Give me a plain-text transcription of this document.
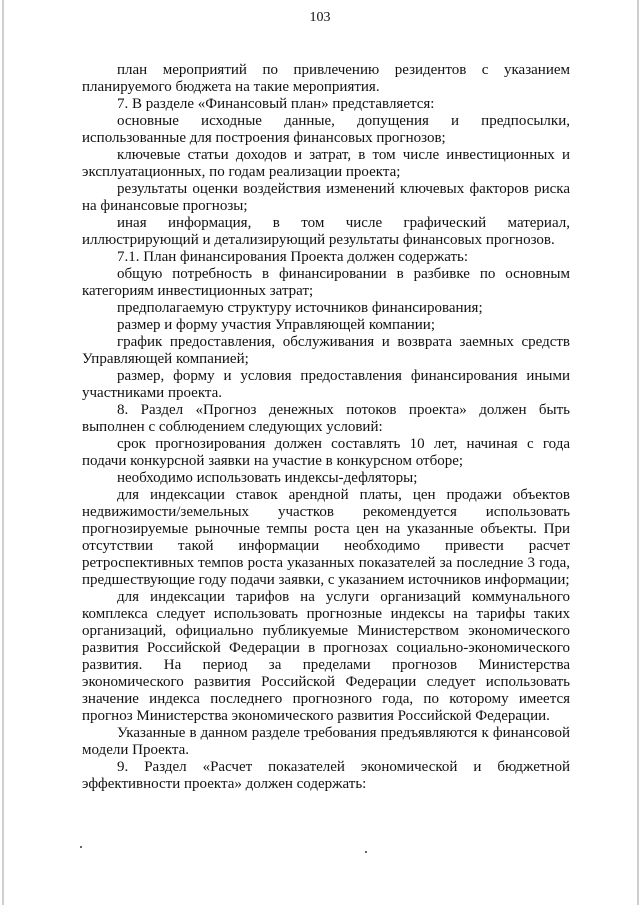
103

план мероприятий по привлечению резидентов с указанием планируемого бюджета на такие мероприятия.

7. В разделе «Финансовый план» представляется:

основные исходные данные, допущения и предпосылки, использованные для построения финансовых прогнозов;

ключевые статьи доходов и затрат, в том числе инвестиционных и эксплуатационных, по годам реализации проекта;

результаты оценки воздействия изменений ключевых факторов риска на финансовые прогнозы;

иная информация, в том числе графический материал, иллюстрирующий и детализирующий результаты финансовых прогнозов.

7.1. План финансирования Проекта должен содержать:

общую потребность в финансировании в разбивке по основным категориям инвестиционных затрат;

предполагаемую структуру источников финансирования;

размер и форму участия Управляющей компании;

график предоставления, обслуживания и возврата заемных средств Управляющей компанией;

размер, форму и условия предоставления финансирования иными участниками проекта.

8. Раздел «Прогноз денежных потоков проекта» должен быть выполнен с соблюдением следующих условий:

срок прогнозирования должен составлять 10 лет, начиная с года подачи конкурсной заявки на участие в конкурсном отборе;

необходимо использовать индексы-дефляторы;

для индексации ставок арендной платы, цен продажи объектов недвижимости/земельных участков рекомендуется использовать прогнозируемые рыночные темпы роста цен на указанные объекты. При отсутствии такой информации необходимо привести расчет ретроспективных темпов роста указанных показателей за последние 3 года, предшествующие году подачи заявки, с указанием источников информации;

для индексации тарифов на услуги организаций коммунального комплекса следует использовать прогнозные индексы на тарифы таких организаций, официально публикуемые Министерством экономического развития Российской Федерации в прогнозах социально-экономического развития. На период за пределами прогнозов Министерства экономического развития Российской Федерации следует использовать значение индекса последнего прогнозного года, по которому имеется прогноз Министерства экономического развития Российской Федерации.

Указанные в данном разделе требования предъявляются к финансовой модели Проекта.

9. Раздел «Расчет показателей экономической и бюджетной эффективности проекта» должен содержать:
